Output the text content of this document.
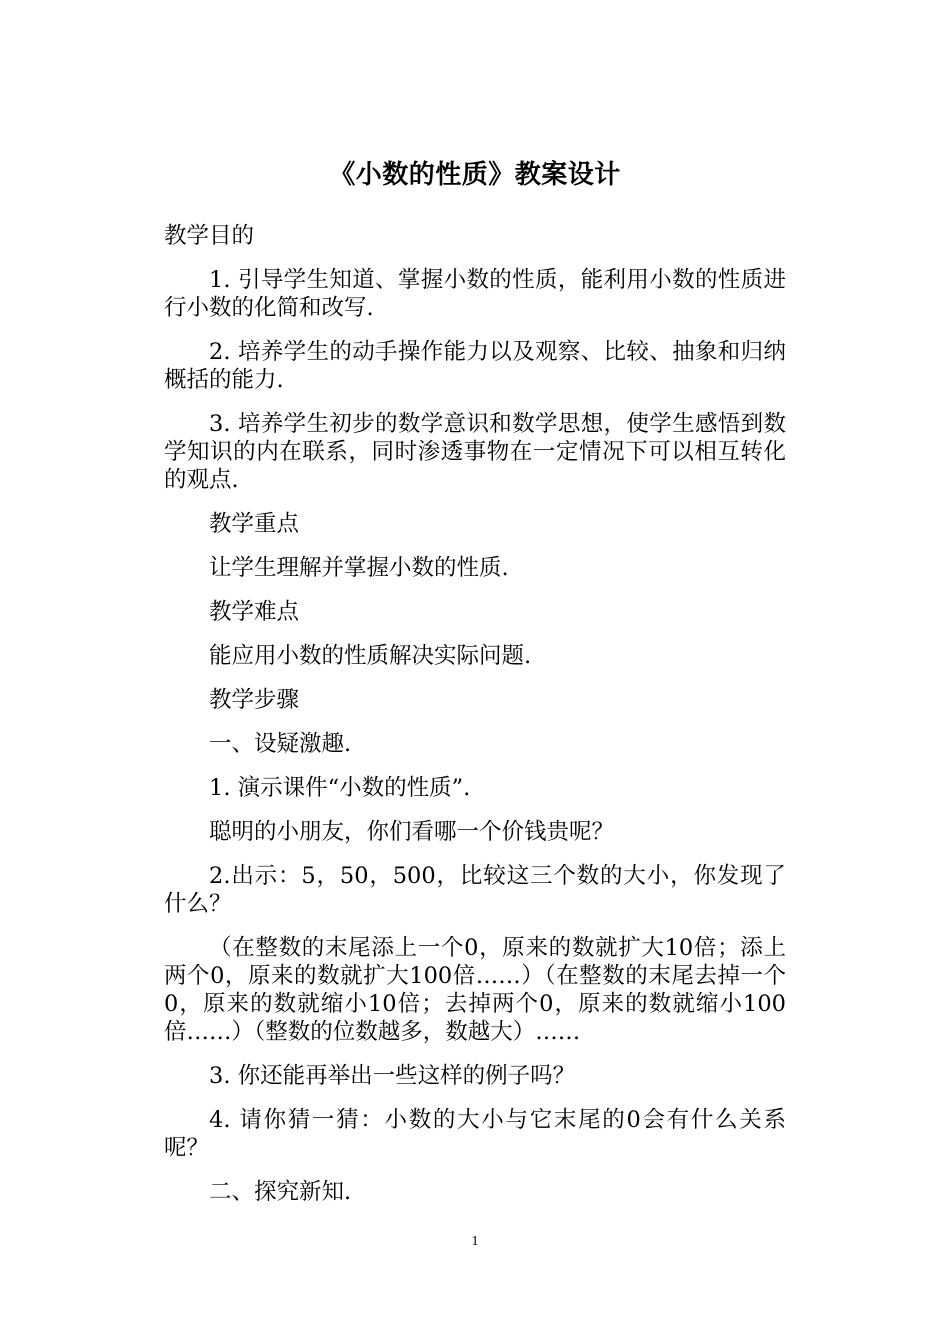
《小数的性质》教案设计

教学目的

1. 引导学生知道、掌握小数的性质，能利用小数的性质进行小数的化简和改写.

2. 培养学生的动手操作能力以及观察、比较、抽象和归纳概括的能力.

3. 培养学生初步的数学意识和数学思想，使学生感悟到数学知识的内在联系，同时渗透事物在一定情况下可以相互转化的观点.

教学重点

让学生理解并掌握小数的性质.

教学难点

能应用小数的性质解决实际问题.

教学步骤

一、设疑激趣.

1. 演示课件“小数的性质”.

聪明的小朋友，你们看哪一个价钱贵呢？

2.出示：5，50，500，比较这三个数的大小，你发现了什么？

（在整数的末尾添上一个0，原来的数就扩大10倍；添上两个0，原来的数就扩大100倍……）（在整数的末尾去掉一个0，原来的数就缩小10倍；去掉两个0，原来的数就缩小100倍……）（整数的位数越多，数越大）……

3. 你还能再举出一些这样的例子吗？

4. 请你猜一猜：小数的大小与它末尾的0会有什么关系呢？

二、探究新知.

1
